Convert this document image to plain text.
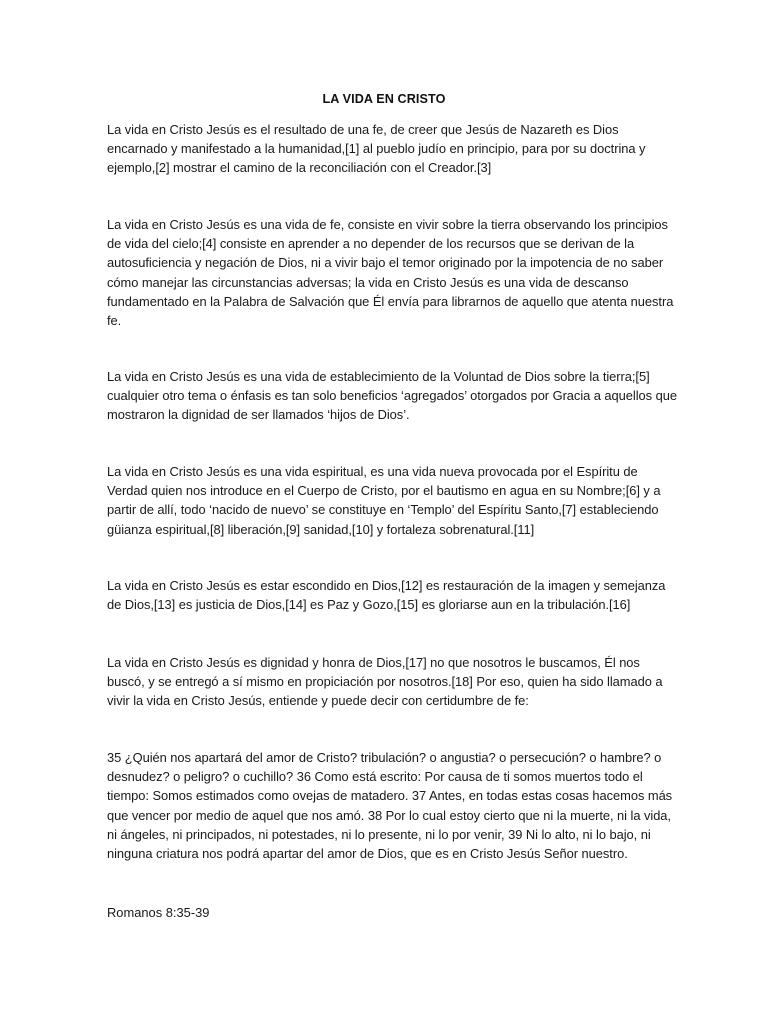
LA VIDA EN CRISTO

La vida en Cristo Jesús es el resultado de una fe, de creer que Jesús de Nazareth es Dios encarnado y manifestado a la humanidad,[1] al pueblo judío en principio, para por su doctrina y ejemplo,[2] mostrar el camino de la reconciliación con el Creador.[3]

La vida en Cristo Jesús es una vida de fe, consiste en vivir sobre la tierra observando los principios de vida del cielo;[4] consiste en aprender a no depender de los recursos que se derivan de la autosuficiencia y negación de Dios, ni a vivir bajo el temor originado por la impotencia de no saber cómo manejar las circunstancias adversas; la vida en Cristo Jesús es una vida de descanso fundamentado en la Palabra de Salvación que Él envía para librarnos de aquello que atenta nuestra fe.

La vida en Cristo Jesús es una vida de establecimiento de la Voluntad de Dios sobre la tierra;[5] cualquier otro tema o énfasis es tan solo beneficios ‘agregados’ otorgados por Gracia a aquellos que mostraron la dignidad de ser llamados ‘hijos de Dios’.

La vida en Cristo Jesús es una vida espiritual, es una vida nueva provocada por el Espíritu de Verdad quien nos introduce en el Cuerpo de Cristo, por el bautismo en agua en su Nombre;[6] y a partir de allí, todo ‘nacido de nuevo’ se constituye en ‘Templo’ del Espíritu Santo,[7] estableciendo güianza espiritual,[8] liberación,[9] sanidad,[10] y fortaleza sobrenatural.[11]

La vida en Cristo Jesús es estar escondido en Dios,[12] es restauración de la imagen y semejanza de Dios,[13] es justicia de Dios,[14] es Paz y Gozo,[15] es gloriarse aun en la tribulación.[16]

La vida en Cristo Jesús es dignidad y honra de Dios,[17] no que nosotros le buscamos, Él nos buscó, y se entregó a sí mismo en propiciación por nosotros.[18] Por eso, quien ha sido llamado a vivir la vida en Cristo Jesús, entiende y puede decir con certidumbre de fe:

35 ¿Quién nos apartará del amor de Cristo? tribulación? o angustia? o persecución? o hambre? o desnudez? o peligro? o cuchillo? 36 Como está escrito: Por causa de ti somos muertos todo el tiempo: Somos estimados como ovejas de matadero. 37 Antes, en todas estas cosas hacemos más que vencer por medio de aquel que nos amó. 38 Por lo cual estoy cierto que ni la muerte, ni la vida, ni ángeles, ni principados, ni potestades, ni lo presente, ni lo por venir, 39 Ni lo alto, ni lo bajo, ni ninguna criatura nos podrá apartar del amor de Dios, que es en Cristo Jesús Señor nuestro.

Romanos 8:35-39
